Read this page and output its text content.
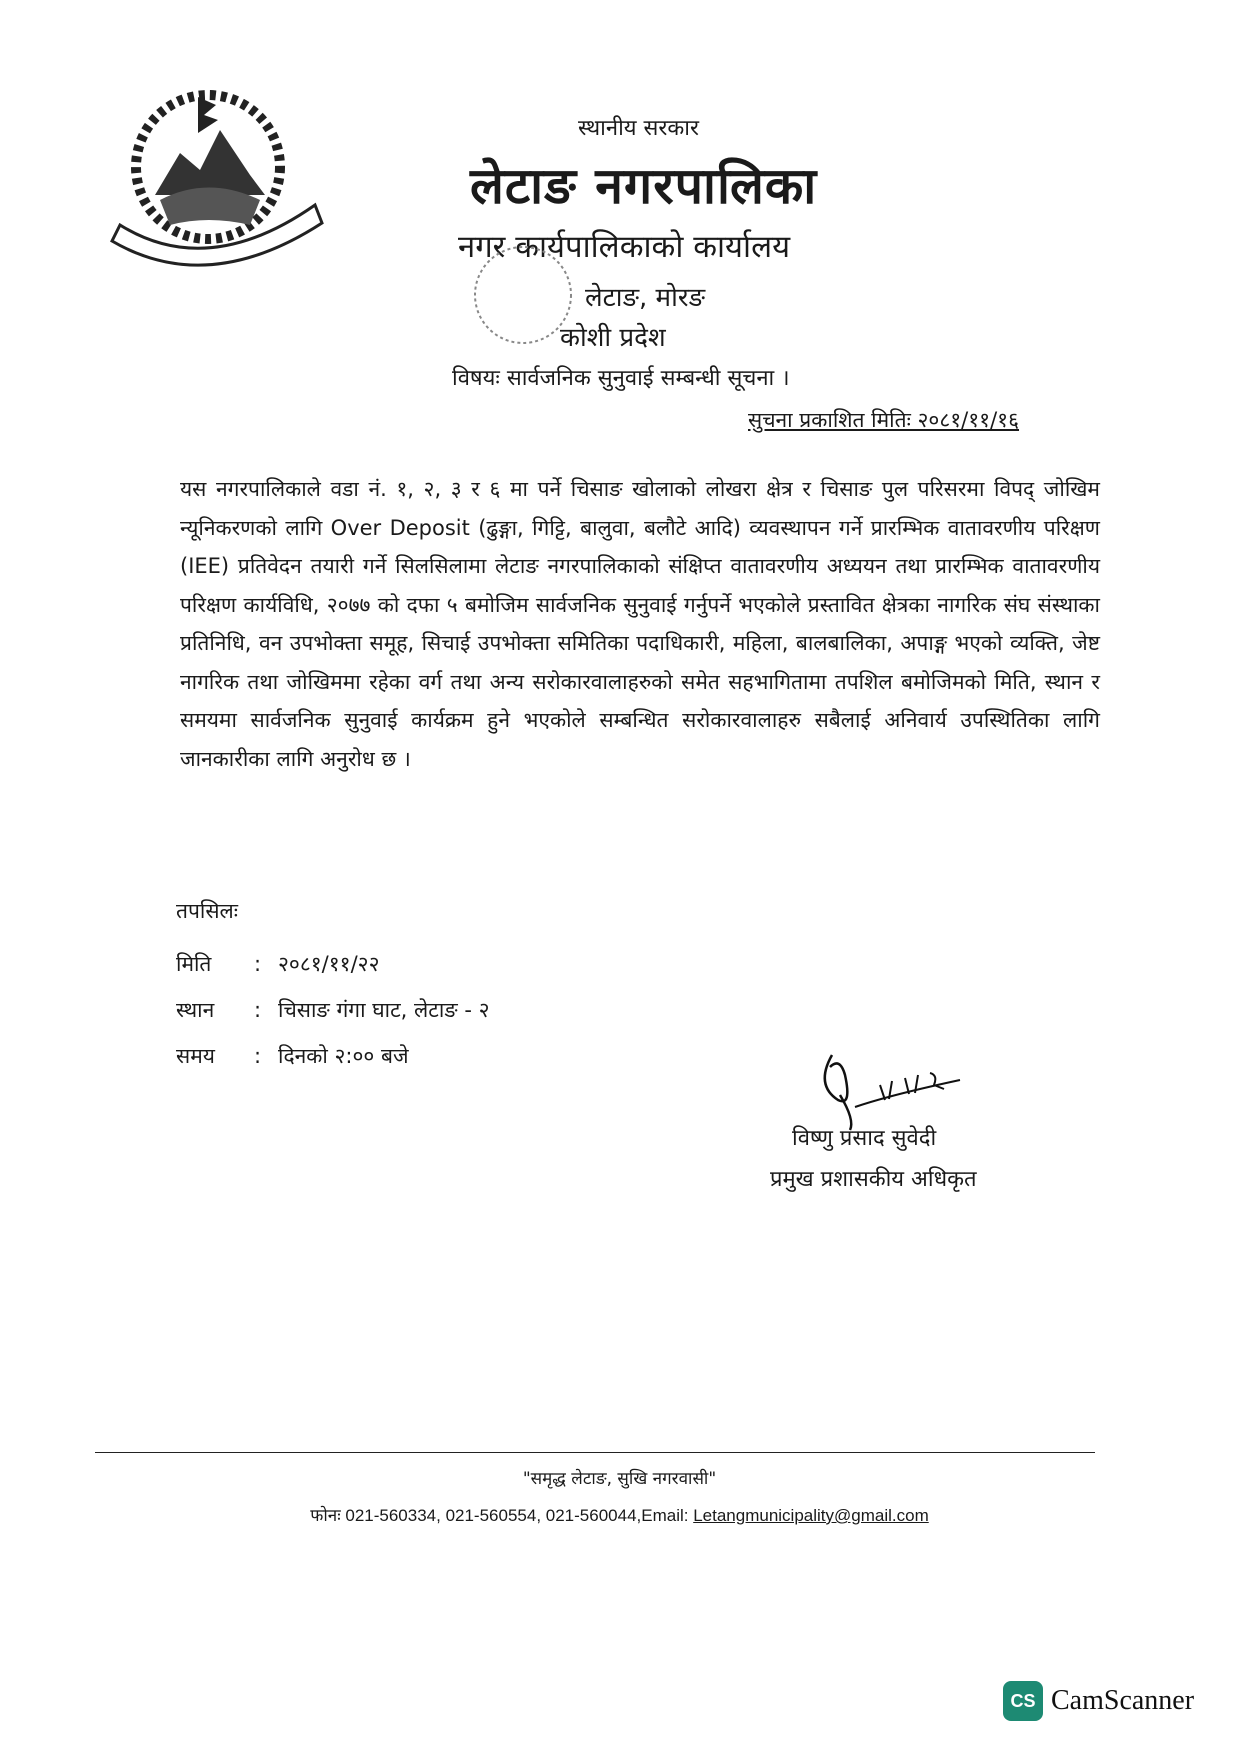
स्थानीय सरकार
लेटाङ नगरपालिका
नगर कार्यपालिकाको कार्यालय
लेटाङ, मोरङ
कोशी प्रदेश
विषयः सार्वजनिक सुनुवाई सम्बन्धी सूचना ।
सुचना प्रकाशित मितिः २०८१/११/१६
यस नगरपालिकाले वडा नं. १, २, ३ र ६ मा पर्ने चिसाङ खोलाको लोखरा क्षेत्र र चिसाङ पुल परिसरमा विपद् जोखिम न्यूनिकरणको लागि Over Deposit (ढुङ्गा, गिट्टि, बालुवा, बलौटे आदि) व्यवस्थापन गर्ने प्रारम्भिक वातावरणीय परिक्षण (IEE) प्रतिवेदन तयारी गर्ने सिलसिलामा लेटाङ नगरपालिकाको संक्षिप्त वातावरणीय अध्ययन तथा प्रारम्भिक वातावरणीय परिक्षण कार्यविधि, २०७७ को दफा ५ बमोजिम सार्वजनिक सुनुवाई गर्नुपर्ने भएकोले प्रस्तावित क्षेत्रका नागरिक संघ संस्थाका प्रतिनिधि, वन उपभोक्ता समूह, सिचाई उपभोक्ता समितिका पदाधिकारी, महिला, बालबालिका, अपाङ्ग भएको व्यक्ति, जेष्ट नागरिक तथा जोखिममा रहेका वर्ग तथा अन्य सरोकारवालाहरुको समेत सहभागितामा तपशिल बमोजिमको मिति, स्थान र समयमा सार्वजनिक सुनुवाई कार्यक्रम हुने भएकोले सम्बन्धित सरोकारवालाहरु सबैलाई अनिवार्य उपस्थितिका लागि जानकारीका लागि अनुरोध छ ।
तपसिलः
मिति	: २०८१/११/२२
स्थान	: चिसाङ गंगा घाट, लेटाङ - २
समय	: दिनको २:०० बजे
विष्णु प्रसाद सुवेदी
प्रमुख प्रशासकीय अधिकृत
"समृद्ध लेटाङ, सुखि नगरवासी"
फोनः 021-560334, 021-560554, 021-560044,Email: Letangmunicipality@gmail.com
CS CamScanner
